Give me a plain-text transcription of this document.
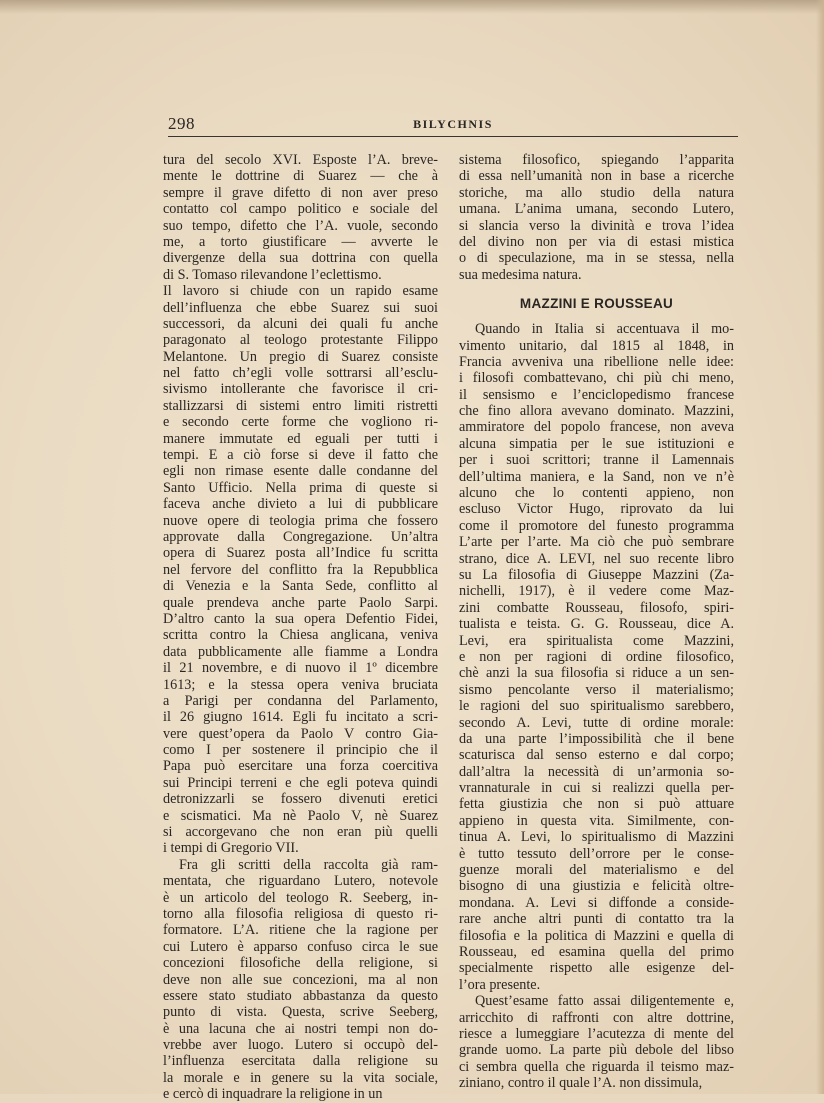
298	BILYCHNIS
tura del secolo XVI. Esposte l’A. breve-
mente le dottrine di Suarez — che à
sempre il grave difetto di non aver preso
contatto col campo politico e sociale del
suo tempo, difetto che l’A. vuole, secondo
me, a torto giustificare — avverte le
divergenze della sua dottrina con quella
di S. Tomaso rilevandone l’eclettismo.
Il lavoro si chiude con un rapido esame
dell’influenza che ebbe Suarez sui suoi
successori, da alcuni dei quali fu anche
paragonato al teologo protestante Filippo
Melantone. Un pregio di Suarez consiste
nel fatto ch’egli volle sottrarsi all’esclu-
sivismo intollerante che favorisce il cri-
stallizzarsi di sistemi entro limiti ristretti
e secondo certe forme che vogliono ri-
manere immutate ed eguali per tutti i
tempi. E a ciò forse si deve il fatto che
egli non rimase esente dalle condanne del
Santo Ufficio. Nella prima di queste si
faceva anche divieto a lui di pubblicare
nuove opere di teologia prima che fossero
approvate dalla Congregazione. Un’altra
opera di Suarez posta all’Indice fu scritta
nel fervore del conflitto fra la Repubblica
di Venezia e la Santa Sede, conflitto al
quale prendeva anche parte Paolo Sarpi.
D’altro canto la sua opera Defentio Fidei,
scritta contro la Chiesa anglicana, veniva
data pubblicamente alle fiamme a Londra
il 21 novembre, e di nuovo il 1º dicembre
1613; e la stessa opera veniva bruciata
a Parigi per condanna del Parlamento,
il 26 giugno 1614. Egli fu incitato a scri-
vere quest’opera da Paolo V contro Gia-
como I per sostenere il principio che il
Papa può esercitare una forza coercitiva
sui Principi terreni e che egli poteva quindi
detronizzarli se fossero divenuti eretici
e scismatici. Ma nè Paolo V, nè Suarez
si accorgevano che non eran più quelli
i tempi di Gregorio VII.
Fra gli scritti della raccolta già ram-
mentata, che riguardano Lutero, notevole
è un articolo del teologo R. Seeberg, in-
torno alla filosofia religiosa di questo ri-
formatore. L’A. ritiene che la ragione per
cui Lutero è apparso confuso circa le sue
concezioni filosofiche della religione, si
deve non alle sue concezioni, ma al non
essere stato studiato abbastanza da questo
punto di vista. Questa, scrive Seeberg,
è una lacuna che ai nostri tempi non do-
vrebbe aver luogo. Lutero si occupò del-
l’influenza esercitata dalla religione su
la morale e in genere su la vita sociale,
e cercò di inquadrare la religione in un
sistema filosofico, spiegando l’apparita
di essa nell’umanità non in base a ricerche
storiche, ma allo studio della natura
umana. L’anima umana, secondo Lutero,
si slancia verso la divinità e trova l’idea
del divino non per via di estasi mistica
o di speculazione, ma in se stessa, nella
sua medesima natura.
MAZZINI E ROUSSEAU
Quando in Italia si accentuava il mo-
vimento unitario, dal 1815 al 1848, in
Francia avveniva una ribellione nelle idee:
i filosofi combattevano, chi più chi meno,
il sensismo e l’enciclopedismo francese
che fino allora avevano dominato. Mazzini,
ammiratore del popolo francese, non aveva
alcuna simpatia per le sue istituzioni e
per i suoi scrittori; tranne il Lamennais
dell’ultima maniera, e la Sand, non ve n’è
alcuno che lo contenti appieno, non
escluso Victor Hugo, riprovato da lui
come il promotore del funesto programma
L’arte per l’arte. Ma ciò che può sembrare
strano, dice A. LEVI, nel suo recente libro
su La filosofia di Giuseppe Mazzini (Za-
nichelli, 1917), è il vedere come Maz-
zini combatte Rousseau, filosofo, spiri-
tualista e teista. G. G. Rousseau, dice A.
Levi, era spiritualista come Mazzini,
e non per ragioni di ordine filosofico,
chè anzi la sua filosofia si riduce a un sen-
sismo pencolante verso il materialismo;
le ragioni del suo spiritualismo sarebbero,
secondo A. Levi, tutte di ordine morale:
da una parte l’impossibilità che il bene
scaturisca dal senso esterno e dal corpo;
dall’altra la necessità di un’armonia so-
vrannaturale in cui si realizzi quella per-
fetta giustizia che non si può attuare
appieno in questa vita. Similmente, con-
tinua A. Levi, lo spiritualismo di Mazzini
è tutto tessuto dell’orrore per le conse-
guenze morali del materialismo e del
bisogno di una giustizia e felicità oltre-
mondana. A. Levi si diffonde a conside-
rare anche altri punti di contatto tra la
filosofia e la politica di Mazzini e quella di
Rousseau, ed esamina quella del primo
specialmente rispetto alle esigenze del-
l’ora presente.
Quest’esame fatto assai diligentemente e,
arricchito di raffronti con altre dottrine,
riesce a lumeggiare l’acutezza di mente del
grande uomo. La parte più debole del libso
ci sembra quella che riguarda il teismo maz-
ziniano, contro il quale l’A. non dissimula,
